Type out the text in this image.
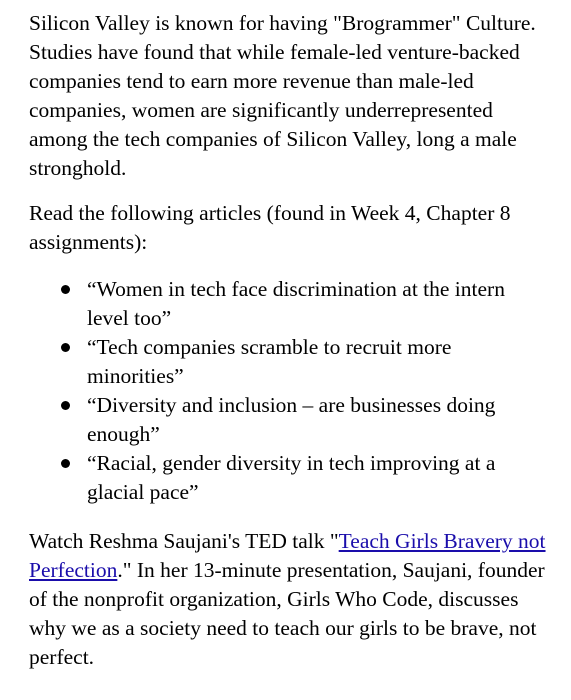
Silicon Valley is known for having "Brogrammer" Culture. Studies have found that while female-led venture-backed companies tend to earn more revenue than male-led companies, women are significantly underrepresented among the tech companies of Silicon Valley, long a male stronghold.

Read the following articles (found in Week 4, Chapter 8 assignments):

“Women in tech face discrimination at the intern level too”
“Tech companies scramble to recruit more minorities”
“Diversity and inclusion – are businesses doing enough”
“Racial, gender diversity in tech improving at a glacial pace”

Watch Reshma Saujani's TED talk "Teach Girls Bravery not Perfection." In her 13-minute presentation, Saujani, founder of the nonprofit organization, Girls Who Code, discusses why we as a society need to teach our girls to be brave, not perfect.
